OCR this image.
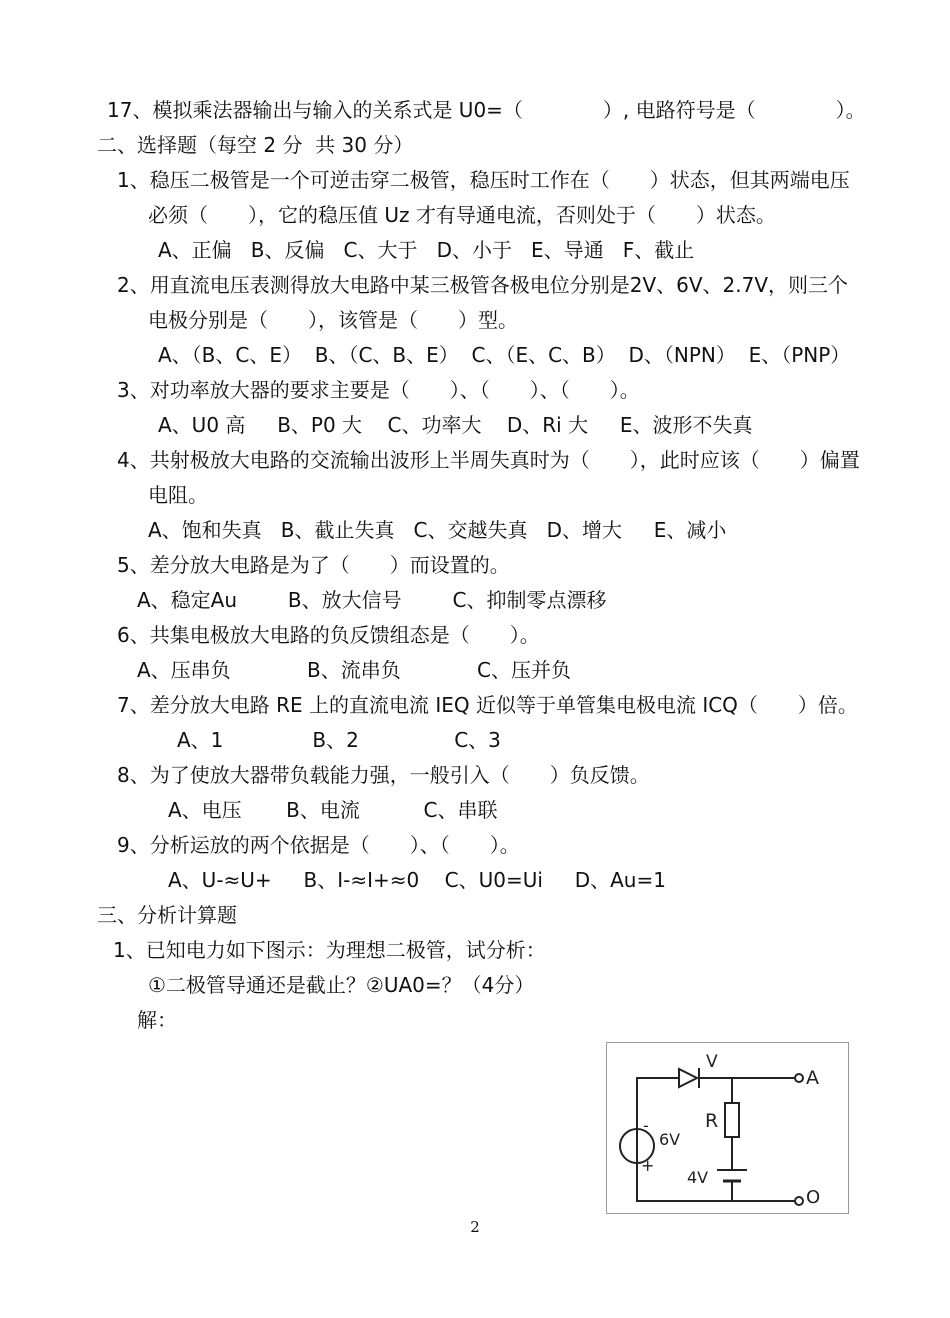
17、模拟乘法器输出与输入的关系式是 U0=（　　　　）, 电路符号是（　　　　）。
二、选择题（每空 2 分  共 30 分）
1、稳压二极管是一个可逆击穿二极管，稳压时工作在（　　）状态，但其两端电压
必须（　　），它的稳压值 Uz 才有导通电流，否则处于（　　）状态。
A、正偏   B、反偏   C、大于   D、小于   E、导通   F、截止
2、用直流电压表测得放大电路中某三极管各极电位分别是2V、6V、2.7V，则三个
电极分别是（　　），该管是（　　）型。
A、（B、C、E）  B、（C、B、E）  C、（E、C、B）  D、（NPN）  E、（PNP）
3、对功率放大器的要求主要是（　　）、（　　）、（　　）。
A、U0 高     B、P0 大    C、功率大    D、Ri 大     E、波形不失真
4、共射极放大电路的交流输出波形上半周失真时为（　　），此时应该（　　）偏置
电阻。
A、饱和失真   B、截止失真   C、交越失真   D、增大     E、减小
5、差分放大电路是为了（　　）而设置的。
A、稳定Au        B、放大信号        C、抑制零点漂移
6、共集电极放大电路的负反馈组态是（　　）。
A、压串负            B、流串负            C、压并负
7、差分放大电路 RE 上的直流电流 IEQ 近似等于单管集电极电流 ICQ（　　）倍。
A、1              B、2               C、3
8、为了使放大器带负载能力强，一般引入（　　）负反馈。
A、电压       B、电流          C、串联
9、分析运放的两个依据是（　　）、（　　）。
A、U-≈U+     B、I-≈I+≈0    C、U0=Ui     D、Au=1
三、分析计算题
1、已知电力如下图示：为理想二极管，试分析：
①二极管导通还是截止？②UA0=？（4分）
解：
V
R
6V
4V
-
+
A
O
2
